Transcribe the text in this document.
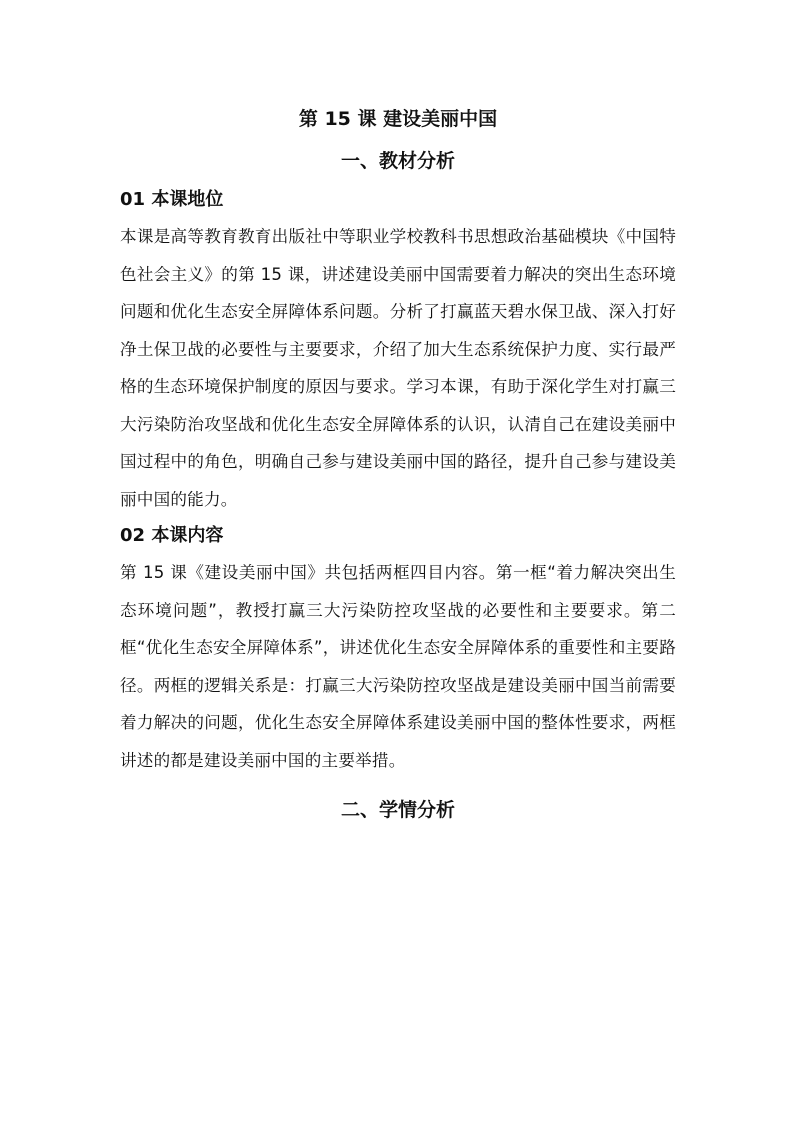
第 15 课 建设美丽中国
一、教材分析
01 本课地位

本课是高等教育教育出版社中等职业学校教科书思想政治基础模块《中国特色社会主义》的第 15 课，讲述建设美丽中国需要着力解决的突出生态环境问题和优化生态安全屏障体系问题。分析了打赢蓝天碧水保卫战、深入打好净土保卫战的必要性与主要要求，介绍了加大生态系统保护力度、实行最严格的生态环境保护制度的原因与要求。学习本课，有助于深化学生对打赢三大污染防治攻坚战和优化生态安全屏障体系的认识，认清自己在建设美丽中国过程中的角色，明确自己参与建设美丽中国的路径，提升自己参与建设美丽中国的能力。

02 本课内容

第 15 课《建设美丽中国》共包括两框四目内容。第一框“着力解决突出生态环境问题”，教授打赢三大污染防控攻坚战的必要性和主要要求。第二框“优化生态安全屏障体系”，讲述优化生态安全屏障体系的重要性和主要路径。两框的逻辑关系是：打赢三大污染防控攻坚战是建设美丽中国当前需要着力解决的问题，优化生态安全屏障体系建设美丽中国的整体性要求，两框讲述的都是建设美丽中国的主要举措。

二、学情分析
